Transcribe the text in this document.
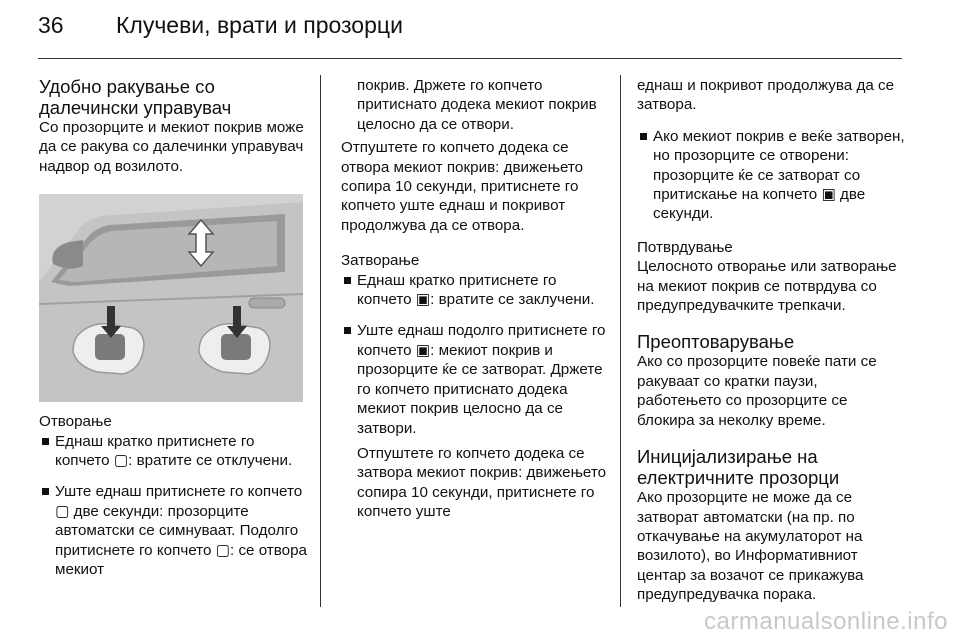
36 Клучеви, врати и прозорци
Удобно ракување со далечински управувач

Со прозорците и мекиот покрив може да се ракува со далечинки управувач надвор од возилото.

Отворање
Еднаш кратко притиснете го копчето ▢: вратите се отклучени.
Уште еднаш притиснете го копчето ▢ две секунди: прозорците автоматски се симнуваат. Подолго притиснете го копчето ▢: се отвора мекиот

покрив. Држете го копчето притиснато додека мекиот покрив целосно да се отвори.

Отпуштете го копчето додека се отвора мекиот покрив: движењето сопира 10 секунди, притиснете го копчето уште еднаш и покривот продолжува да се отвора.

Затворање
Еднаш кратко притиснете го копчето ▣: вратите се заклучени.
Уште еднаш подолго притиснете го копчето ▣: мекиот покрив и прозорците ќе се затворат. Држете го копчето притиснато додека мекиот покрив целосно да се затвори.

Отпуштете го копчето додека се затвора мекиот покрив: движењето сопира 10 секунди, притиснете го копчето уште

еднаш и покривот продолжува да се затвора.

Ако мекиот покрив е веќе затворен, но прозорците се отворени: прозорците ќе се затворат со притискање на копчето ▣ две секунди.
Потврдување

Целосното отворање или затворање на мекиот покрив се потврдува со предупредувачките трепкачи.

Преоптоварување

Ако со прозорците повеќе пати се ракуваат со кратки паузи, работењето со прозорците се блокира за неколку време.

Иницијализирање на електричните прозорци

Ако прозорците не може да се затворат автоматски (на пр. по откачување на акумулаторот на возилото), во Информативниот центар за возачот се прикажува предупредувачка порака.

carmanualsonline.info
